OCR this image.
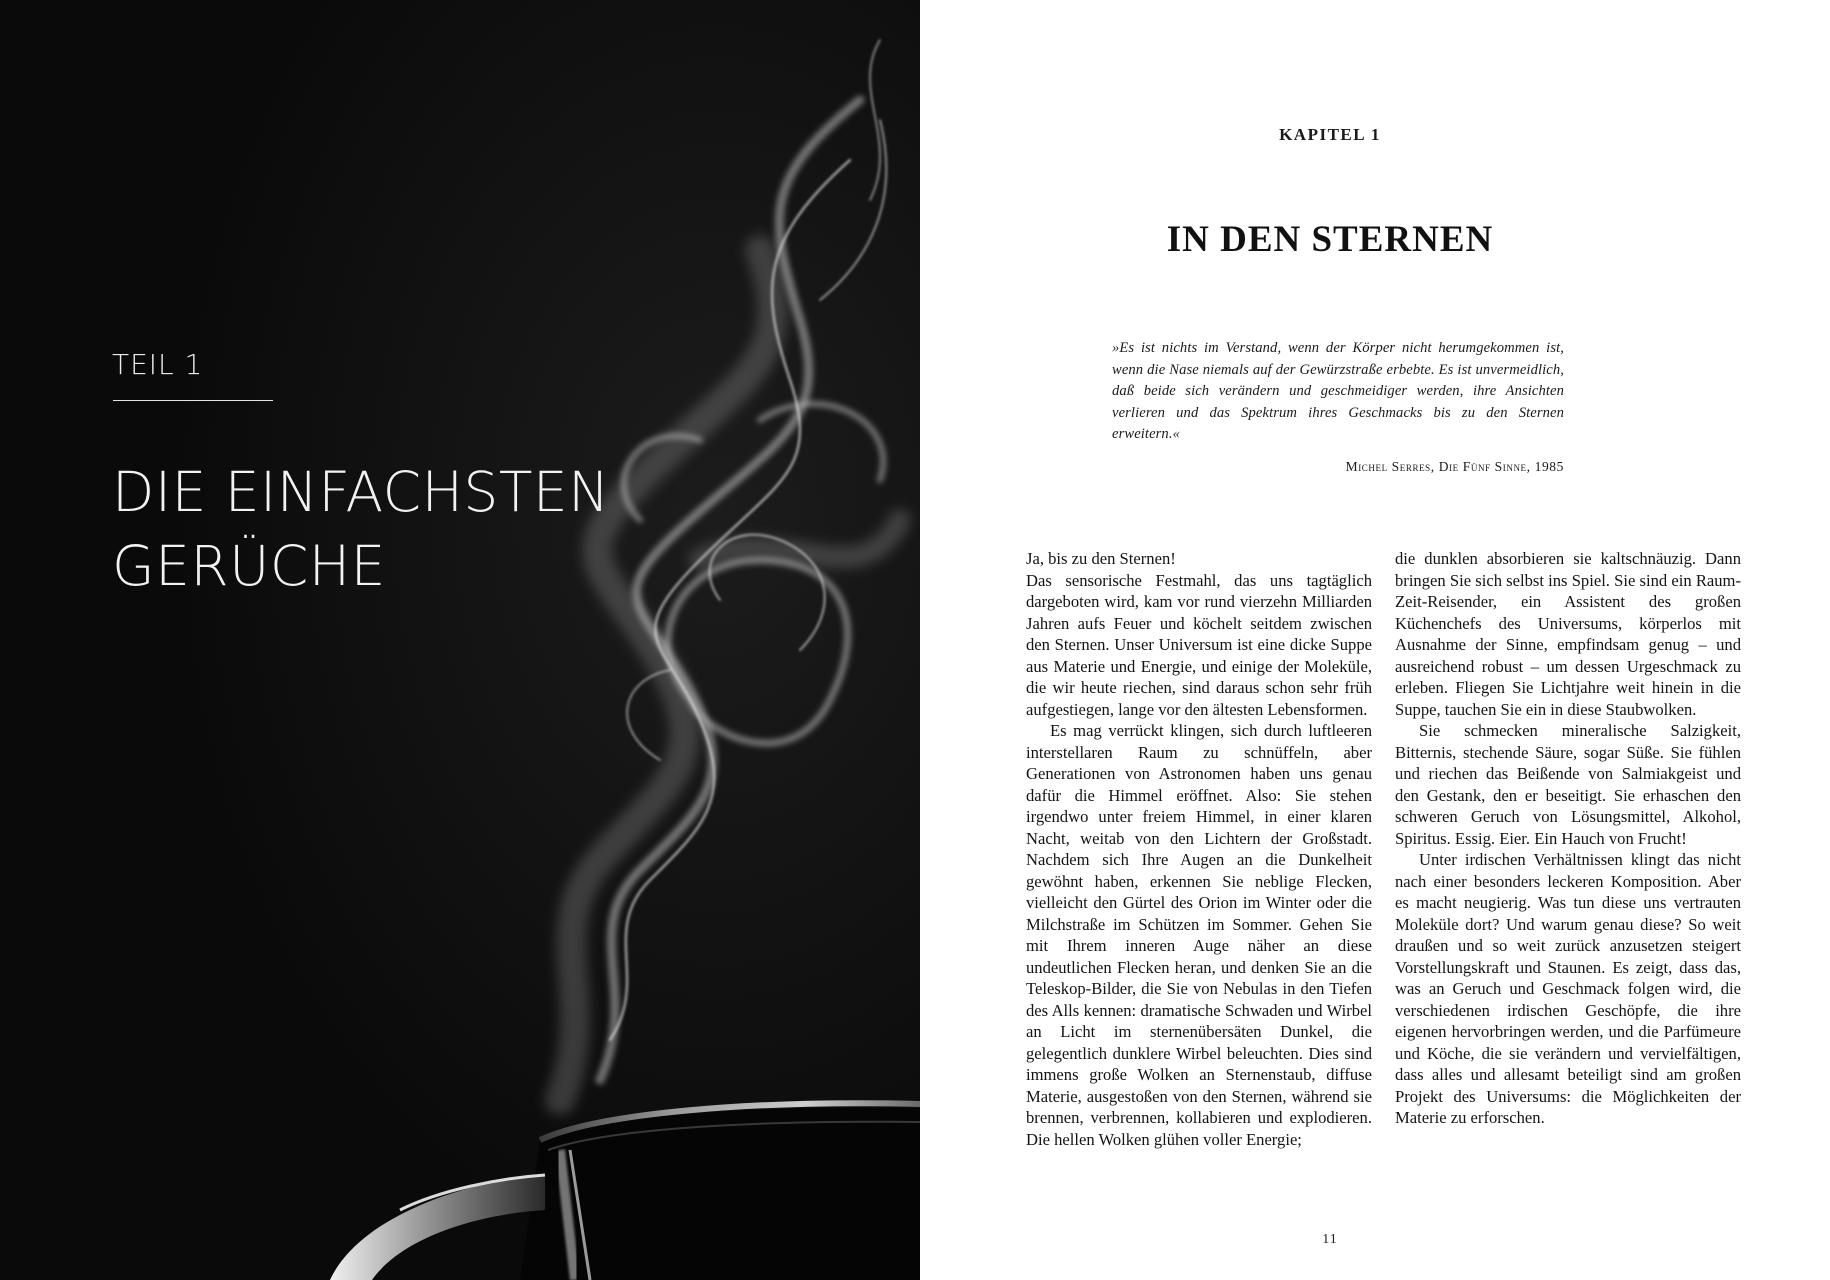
TEIL 1
DIE EINFACHSTEN
GERÜCHE
KAPITEL 1
IN DEN STERNEN

»Es ist nichts im Verstand, wenn der Körper nicht herumgekommen ist, wenn die Nase niemals auf der Gewürzstraße erbebte. Es ist unvermeidlich, daß beide sich verändern und geschmeidiger werden, ihre Ansichten verlieren und das Spektrum ihres Geschmacks bis zu den Sternen erweitern.«

Michel Serres, Die Fünf Sinne, 1985

Ja, bis zu den Sternen!

Das sensorische Festmahl, das uns tagtäglich dargeboten wird, kam vor rund vierzehn Milliarden Jahren aufs Feuer und köchelt seitdem zwischen den Sternen. Unser Universum ist eine dicke Suppe aus Materie und Energie, und einige der Moleküle, die wir heute riechen, sind daraus schon sehr früh aufgestiegen, lange vor den ältesten Lebensformen.

Es mag verrückt klingen, sich durch luftleeren interstellaren Raum zu schnüffeln, aber Generationen von Astronomen haben uns genau dafür die Himmel eröffnet. Also: Sie stehen irgendwo unter freiem Himmel, in einer klaren Nacht, weitab von den Lichtern der Großstadt. Nachdem sich Ihre Augen an die Dunkelheit gewöhnt haben, erkennen Sie neblige Flecken, vielleicht den Gürtel des Orion im Winter oder die Milchstraße im Schützen im Sommer. Gehen Sie mit Ihrem inneren Auge näher an diese undeutlichen Flecken heran, und denken Sie an die Teleskop-Bilder, die Sie von Nebulas in den Tiefen des Alls kennen: dramatische Schwaden und Wirbel an Licht im sternenübersäten Dunkel, die gelegentlich dunklere Wirbel beleuchten. Dies sind immens große Wolken an Sternenstaub, diffuse Materie, ausgestoßen von den Sternen, während sie brennen, verbrennen, kollabieren und explodieren. Die hellen Wolken glühen voller Energie;

die dunklen absorbieren sie kaltschnäuzig. Dann bringen Sie sich selbst ins Spiel. Sie sind ein Raum-Zeit-Reisender, ein Assistent des großen Küchenchefs des Universums, körperlos mit Ausnahme der Sinne, empfindsam genug – und ausreichend robust – um dessen Urgeschmack zu erleben. Fliegen Sie Lichtjahre weit hinein in die Suppe, tauchen Sie ein in diese Staubwolken.

Sie schmecken mineralische Salzigkeit, Bitternis, stechende Säure, sogar Süße. Sie fühlen und riechen das Beißende von Salmiakgeist und den Gestank, den er beseitigt. Sie erhaschen den schweren Geruch von Lösungsmittel, Alkohol, Spiritus. Essig. Eier. Ein Hauch von Frucht!

Unter irdischen Verhältnissen klingt das nicht nach einer besonders leckeren Komposition. Aber es macht neugierig. Was tun diese uns vertrauten Moleküle dort? Und warum genau diese? So weit draußen und so weit zurück anzusetzen steigert Vorstellungskraft und Staunen. Es zeigt, dass das, was an Geruch und Geschmack folgen wird, die verschiedenen irdischen Geschöpfe, die ihre eigenen hervorbringen werden, und die Parfümeure und Köche, die sie verändern und vervielfältigen, dass alles und allesamt beteiligt sind am großen Projekt des Universums: die Möglichkeiten der Materie zu erforschen.

11
